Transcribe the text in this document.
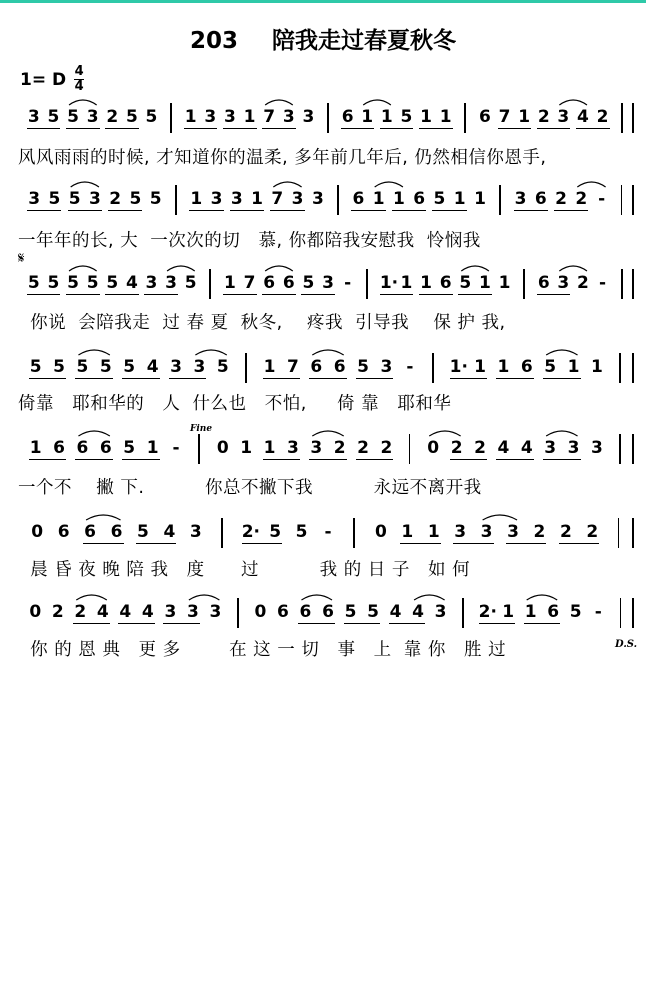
203 陪我走过春夏秋冬
1= D 4
4
3 5 5 3 2 5 5 1 3 3 1 7 3 3 6 1 1 5 1 1 6 7 1 2 3 4 2
3 5 5 3 2 5 5 1 3 3 1 7 3 3 6 1 1 6 5 1 1 3 6 2 2 -
5 5 5 5 5 4 3 3 5 1 7 6 6 5 3 - 1· 1 1 6 5 1 1 6 3 2 -
5 5 5 5 5 4 3 3 5 1 7 6 6 5 3 - 1· 1 1 6 5 1 1
1 6 6 6 5 1 - 0 1 1 3 3 2 2 2 0 2 2 4 4 3 3 3
0 6 6 6 5 4 3 2· 5 5 -	0 1 1 3 3 3 2 2 2
0 2 2 4 4 4 3 3 3 0 6 6 6 5 5 4 4 3 2· 1 1 6 5 -
风风雨雨的时候, 才知道你的温柔, 多年前几年后, 仍然相信你恩手,
一年年的长, 大  一次次的切   慕, 你都陪我安慰我  怜悯我
你说  会陪我走  过 春 夏  秋冬,    疼我  引导我    保 护 我,
倚靠   耶和华的   人  什么也   不怕,     倚 靠   耶和华
一个不    撇 下.          你总不撇下我          永远不离开我
晨 昏 夜 晚 陪 我   度      过          我 的 日 子   如 何
你 的 恩 典   更 多        在 这 一 切   事   上  靠 你   胜 过
𝄋
Fine
D.S.
